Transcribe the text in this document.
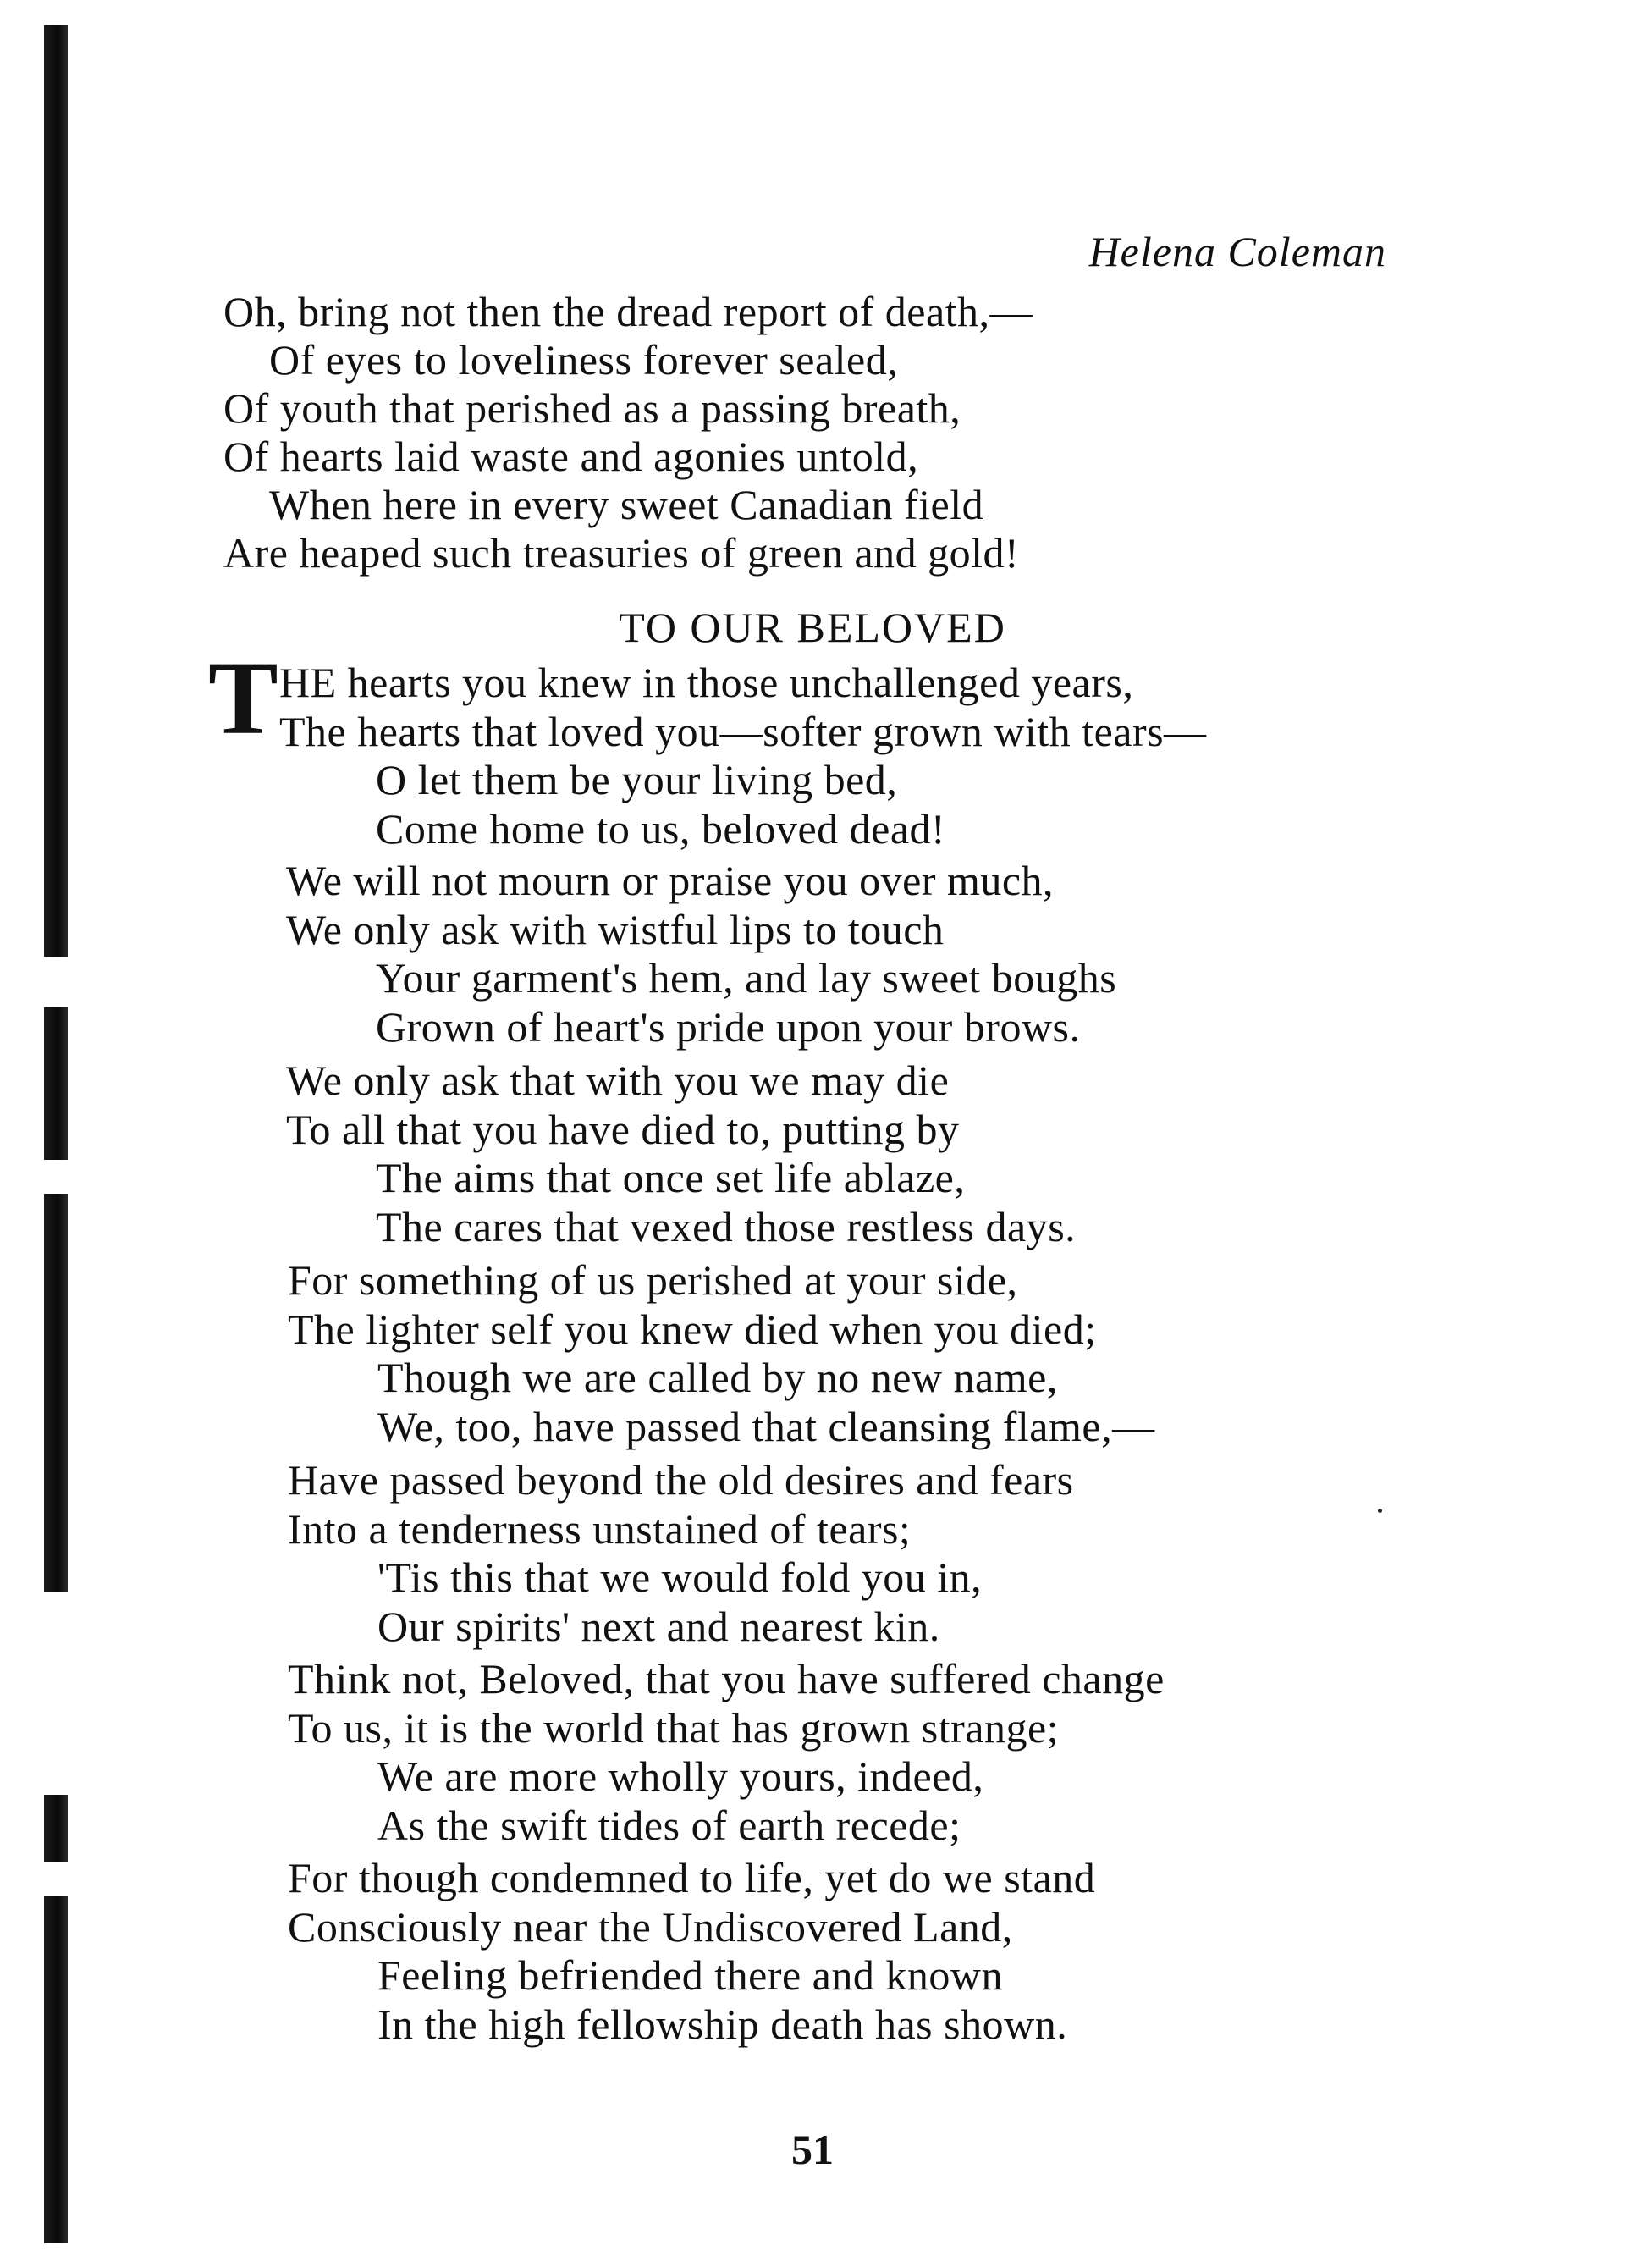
Helena Coleman
Oh, bring not then the dread report of death,—
Of eyes to loveliness forever sealed,
Of youth that perished as a passing breath,
Of hearts laid waste and agonies untold,
When here in every sweet Canadian field
Are heaped such treasuries of green and gold!
TO OUR BELOVED
T HE hearts you knew in those unchallenged years,
The hearts that loved you—softer grown with tears—
O let them be your living bed,
Come home to us, beloved dead!
We will not mourn or praise you over much,
We only ask with wistful lips to touch
Your garment's hem, and lay sweet boughs
Grown of heart's pride upon your brows.
We only ask that with you we may die
To all that you have died to, putting by
The aims that once set life ablaze,
The cares that vexed those restless days.
For something of us perished at your side,
The lighter self you knew died when you died;
Though we are called by no new name,
We, too, have passed that cleansing flame,—
Have passed beyond the old desires and fears
Into a tenderness unstained of tears;
'Tis this that we would fold you in,
Our spirits' next and nearest kin.
Think not, Beloved, that you have suffered change
To us, it is the world that has grown strange;
We are more wholly yours, indeed,
As the swift tides of earth recede;
For though condemned to life, yet do we stand
Consciously near the Undiscovered Land,
Feeling befriended there and known
In the high fellowship death has shown.
51
